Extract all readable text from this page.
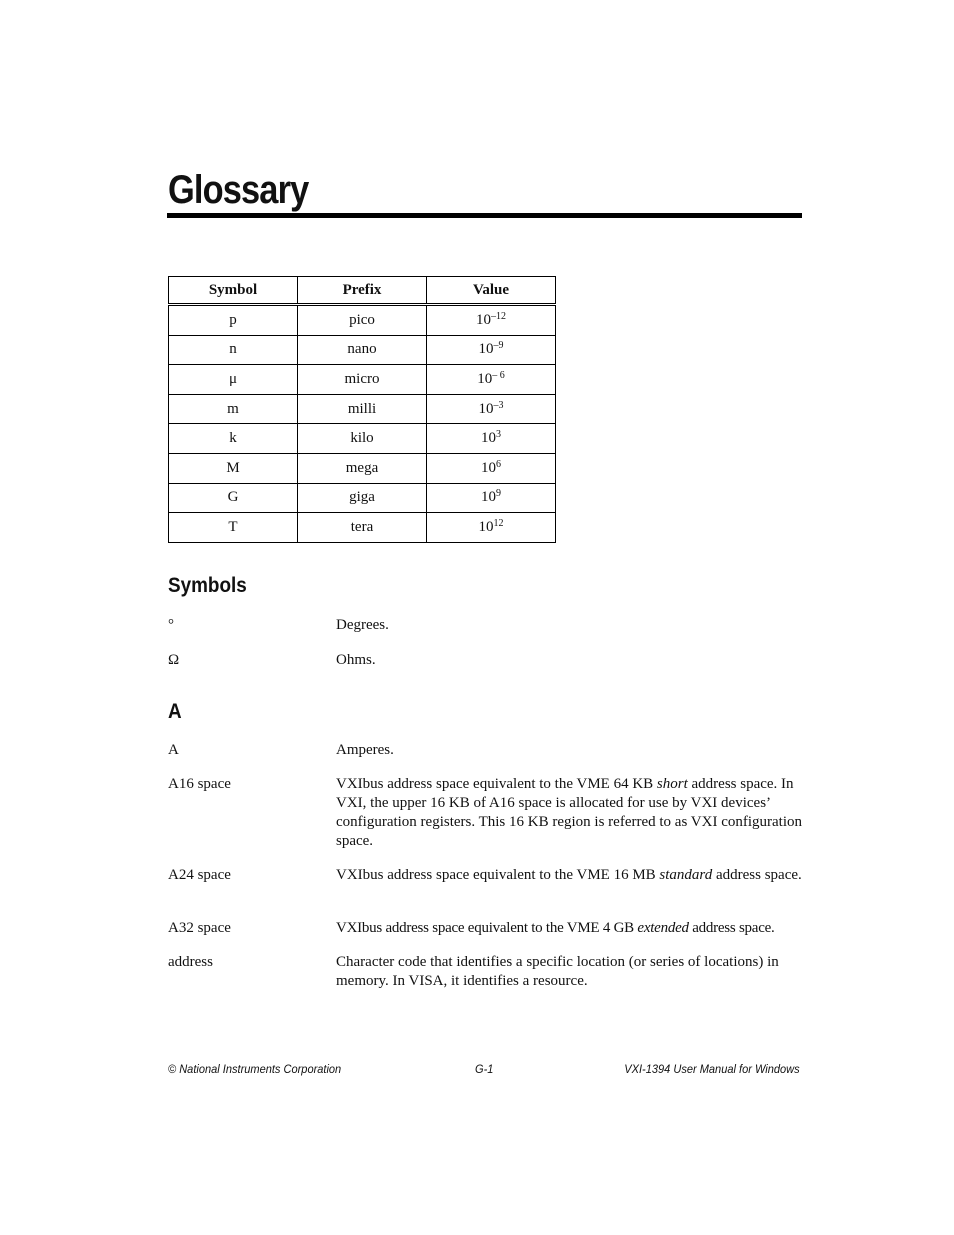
Glossary
Symbol	Prefix	Value
p	pico	$10^{-12}$
n	nano	$10^{-9}$
μ	micro	$10^{- 6}$
m	milli	$10^{-3}$
k	kilo	$10^3$
M	mega	$10^6$
G	giga	$10^9$
T	tera	$10^{12}$
Symbols
°	Degrees.
Ω	Ohms.
A
A	Amperes.
A16 space	VXIbus address space equivalent to the VME 64 KB short address space. In VXI, the upper 16 KB of A16 space is allocated for use by VXI devices’ configuration registers. This 16 KB region is referred to as VXI configuration space.
A24 space	VXIbus address space equivalent to the VME 16 MB standard address space.
A32 space	VXIbus address space equivalent to the VME 4 GB extended address space.
address	Character code that identifies a specific location (or series of locations) in memory. In VISA, it identifies a resource.
© National Instruments Corporation	G-1	VXI-1394 User Manual for Windows
